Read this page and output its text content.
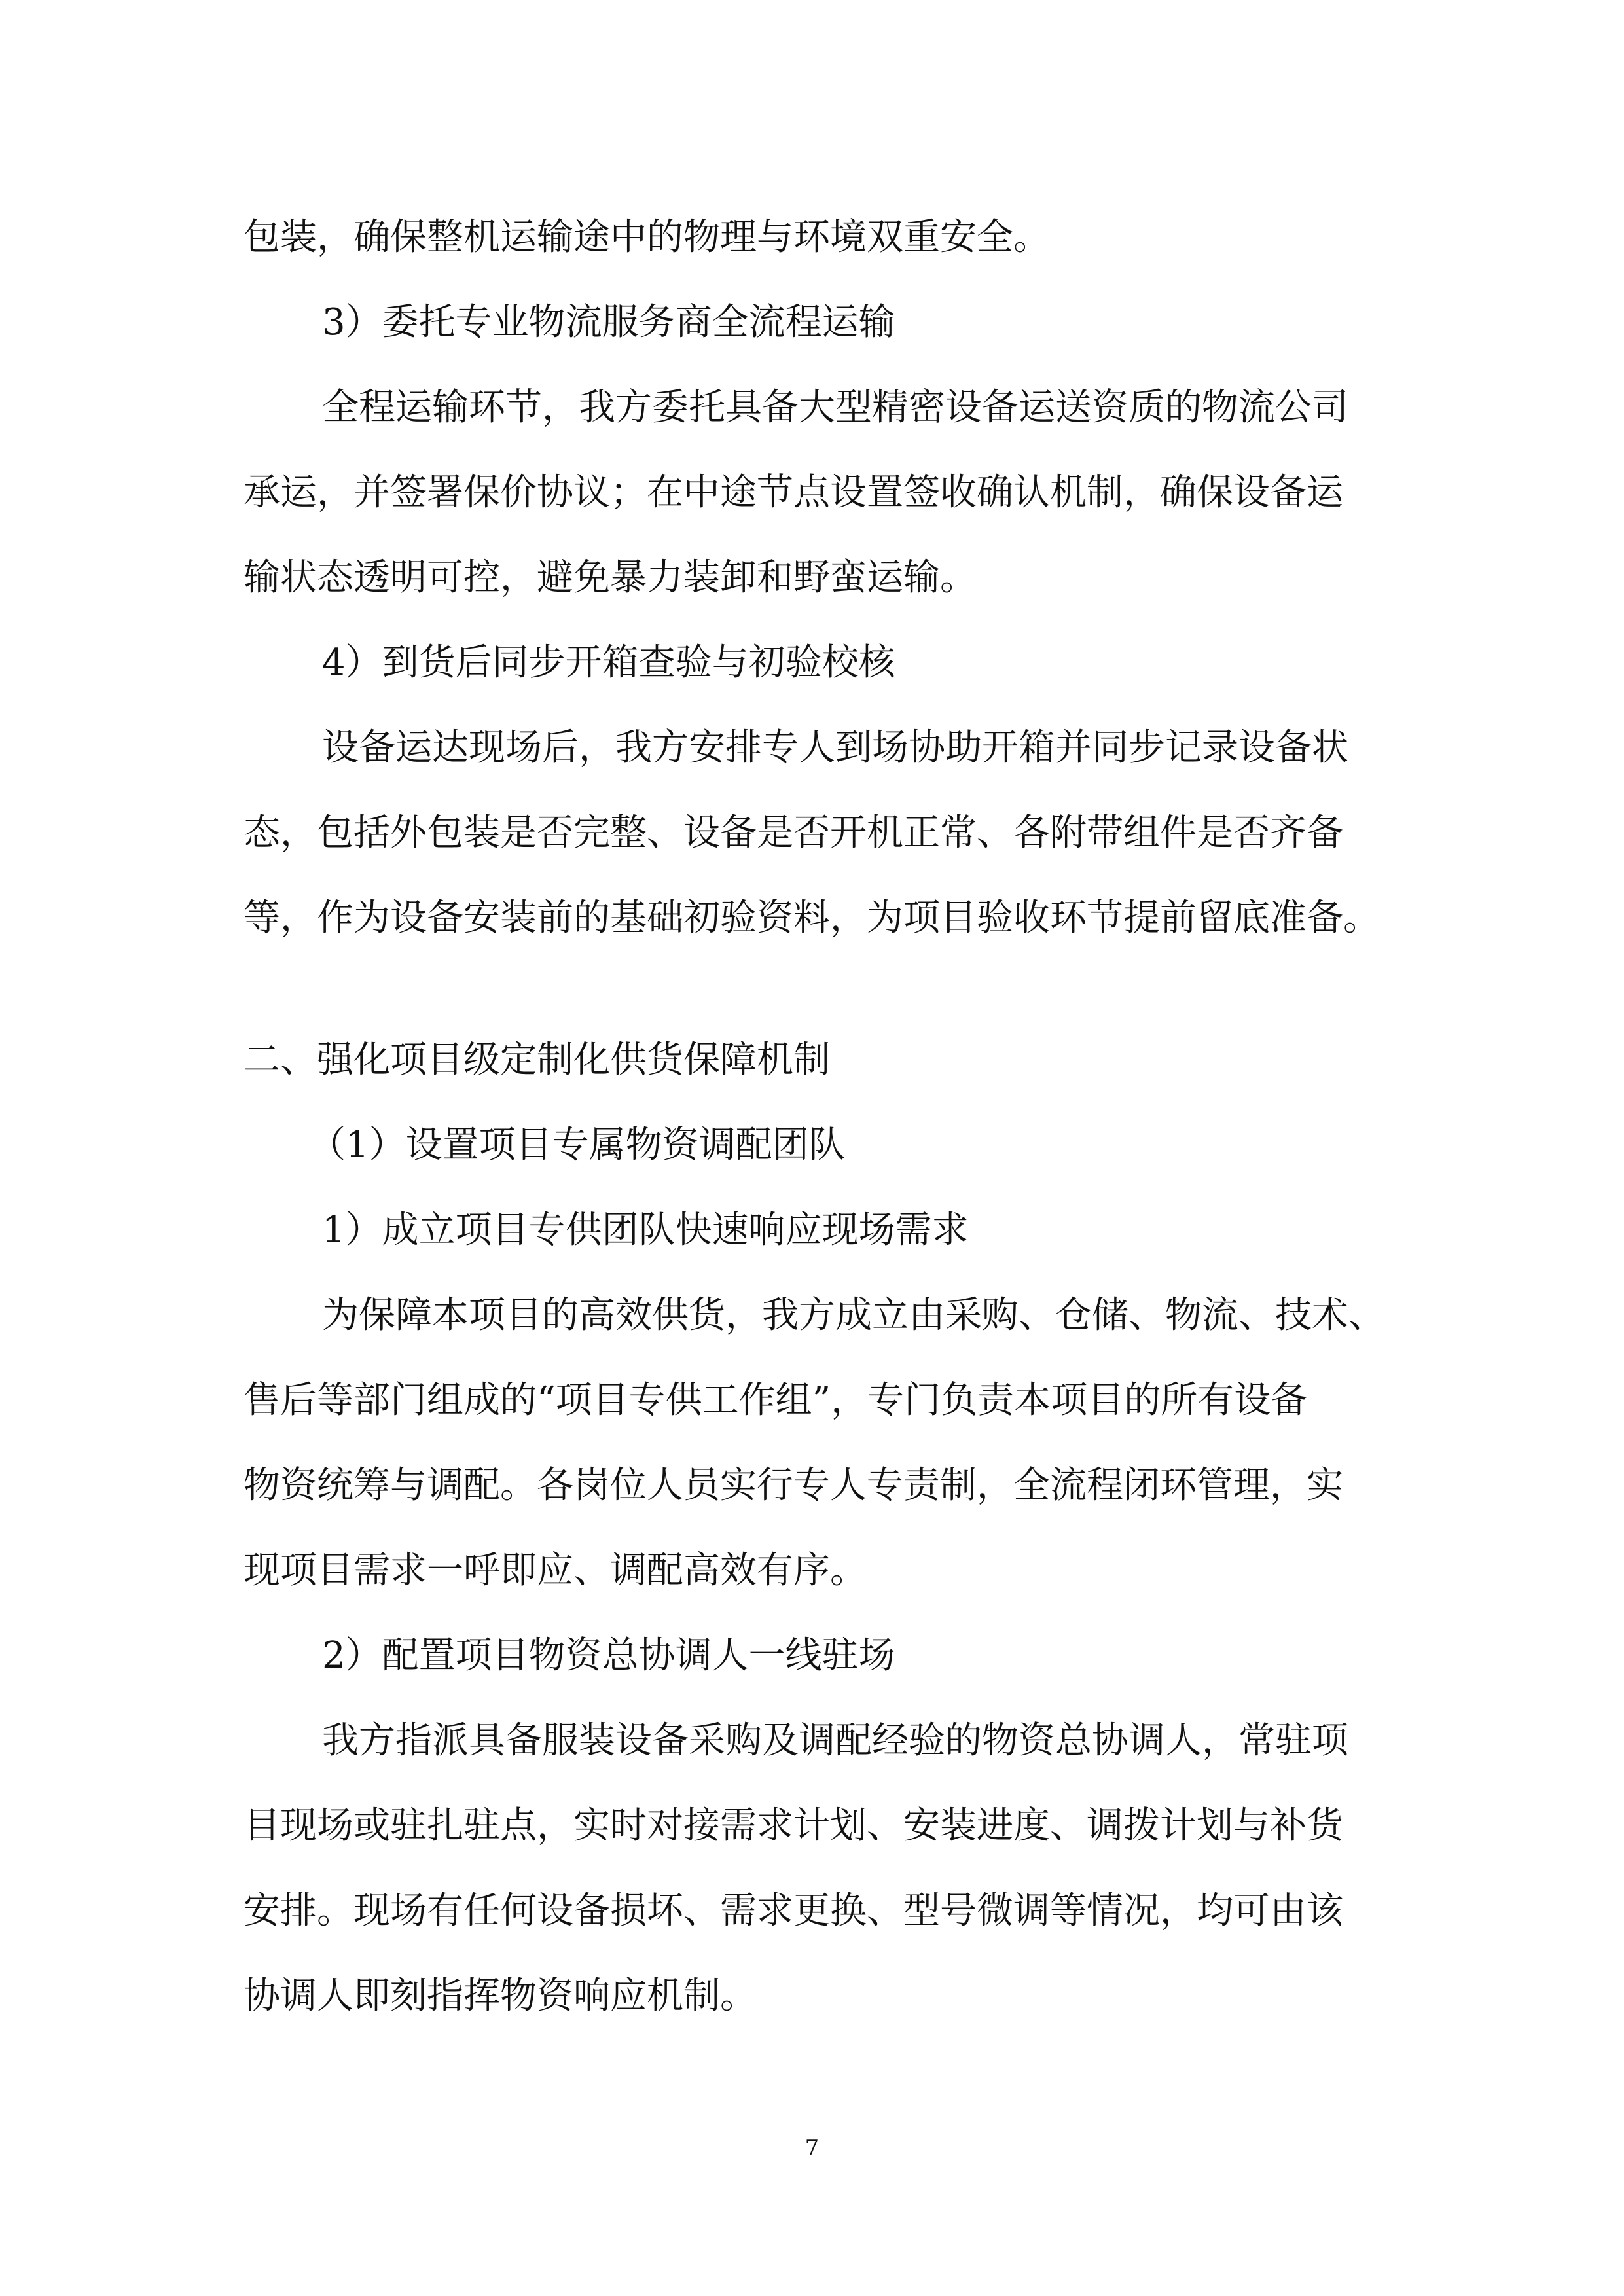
包装，确保整机运输途中的物理与环境双重安全。
3）委托专业物流服务商全流程运输
全程运输环节，我方委托具备大型精密设备运送资质的物流公司
承运，并签署保价协议；在中途节点设置签收确认机制，确保设备运
输状态透明可控，避免暴力装卸和野蛮运输。
4）到货后同步开箱查验与初验校核
设备运达现场后，我方安排专人到场协助开箱并同步记录设备状
态，包括外包装是否完整、设备是否开机正常、各附带组件是否齐备
等，作为设备安装前的基础初验资料，为项目验收环节提前留底准备。
二、强化项目级定制化供货保障机制
（1）设置项目专属物资调配团队
1）成立项目专供团队快速响应现场需求
为保障本项目的高效供货，我方成立由采购、仓储、物流、技术、
售后等部门组成的“项目专供工作组”，专门负责本项目的所有设备
物资统筹与调配。各岗位人员实行专人专责制，全流程闭环管理，实
现项目需求一呼即应、调配高效有序。
2）配置项目物资总协调人一线驻场
我方指派具备服装设备采购及调配经验的物资总协调人，常驻项
目现场或驻扎驻点，实时对接需求计划、安装进度、调拨计划与补货
安排。现场有任何设备损坏、需求更换、型号微调等情况，均可由该
协调人即刻指挥物资响应机制。
7
